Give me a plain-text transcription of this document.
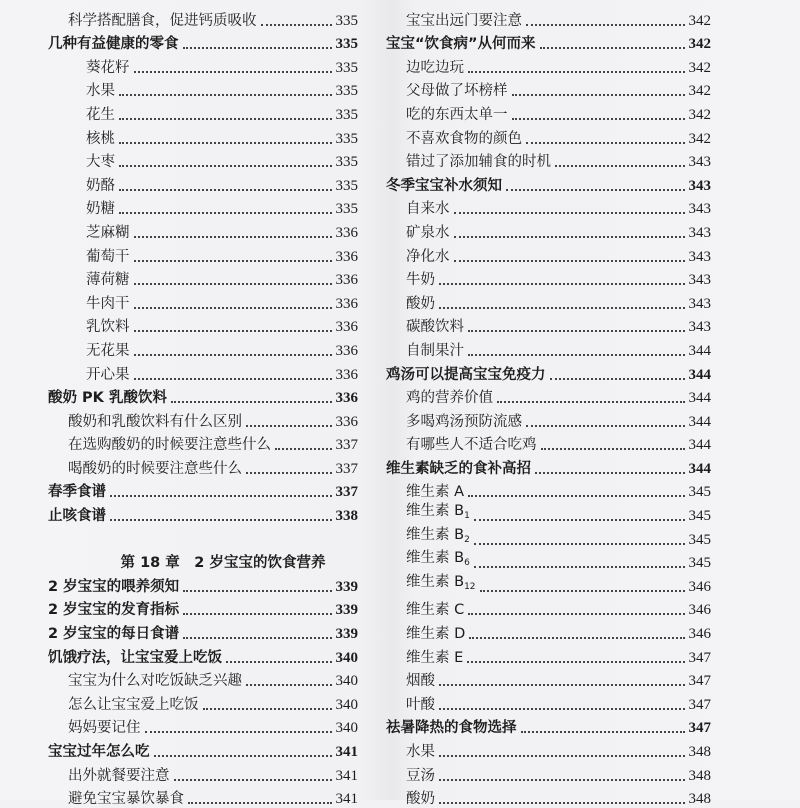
科学搭配膳食，促进钙质吸收	335
几种有益健康的零食	335
葵花籽	335
水果	335
花生	335
核桃	335
大枣	335
奶酪	335
奶糖	335
芝麻糊	336
葡萄干	336
薄荷糖	336
牛肉干	336
乳饮料	336
无花果	336
开心果	336
酸奶 PK 乳酸饮料	336
酸奶和乳酸饮料有什么区别	336
在选购酸奶的时候要注意些什么	337
喝酸奶的时候要注意些什么	337
春季食谱	337
止咳食谱	338
第 18 章　2 岁宝宝的饮食营养
2 岁宝宝的喂养须知	339
2 岁宝宝的发育指标	339
2 岁宝宝的每日食谱	339
饥饿疗法，让宝宝爱上吃饭	340
宝宝为什么对吃饭缺乏兴趣	340
怎么让宝宝爱上吃饭	340
妈妈要记住	340
宝宝过年怎么吃	341
出外就餐要注意	341
避免宝宝暴饮暴食	341
宝宝出远门要注意	342
宝宝“饮食病”从何而来	342
边吃边玩	342
父母做了坏榜样	342
吃的东西太单一	342
不喜欢食物的颜色	342
错过了添加辅食的时机	343
冬季宝宝补水须知	343
自来水	343
矿泉水	343
净化水	343
牛奶	343
酸奶	343
碳酸饮料	343
自制果汁	344
鸡汤可以提高宝宝免疫力	344
鸡的营养价值	344
多喝鸡汤预防流感	344
有哪些人不适合吃鸡	344
维生素缺乏的食补高招	344
维生素 A	345
维生素 $B_1$	345
维生素 $B_2$	345
维生素 $B_6$	345
维生素 $B_{12}$	346
维生素 C	346
维生素 D	346
维生素 E	347
烟酸	347
叶酸	347
祛暑降热的食物选择	347
水果	348
豆汤	348
酸奶	348
